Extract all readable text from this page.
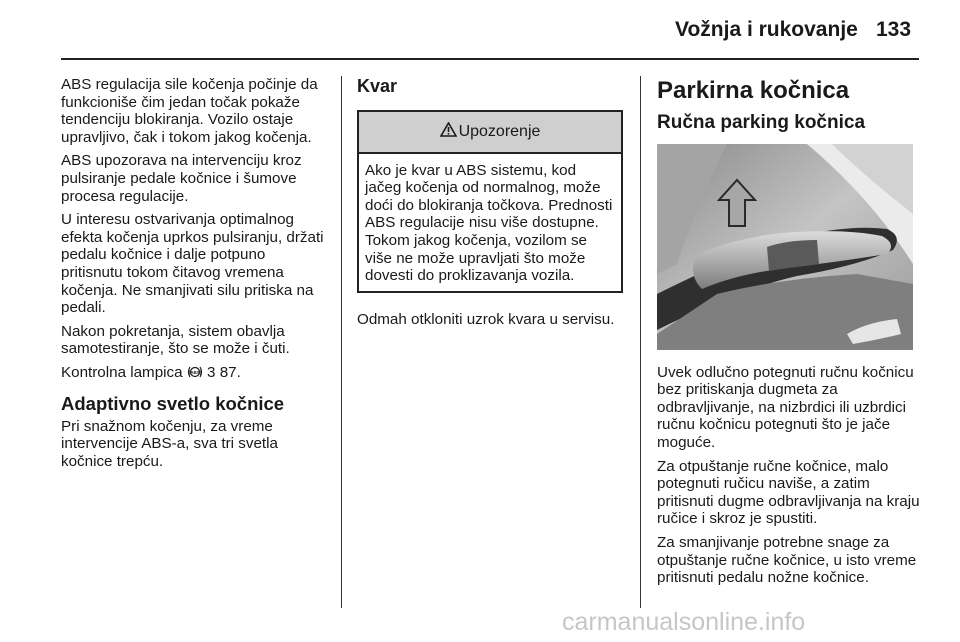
Vožnja i rukovanje 133

ABS regulacija sile kočenja počinje da funkcioniše čim jedan točak pokaže tendenciju blokiranja. Vozilo ostaje upravljivo, čak i tokom jakog kočenja.

ABS upozorava na intervenciju kroz pulsiranje pedale kočnice i šumove procesa regulacije.

U interesu ostvarivanja optimalnog efekta kočenja uprkos pulsiranju, držati pedalu kočnice i dalje potpuno pritisnutu tokom čitavog vremena kočenja. Ne smanjivati silu pritiska na pedali.

Nakon pokretanja, sistem obavlja samotestiranje, što se može i čuti.

Kontrolna lampica (ABS) 3 87.

Adaptivno svetlo kočnice

Pri snažnom kočenju, za vreme intervencije ABS-a, sva tri svetla kočnice trepću.

Kvar
Upozorenje
Ako je kvar u ABS sistemu, kod jačeg kočenja od normalnog, može doći do blokiranja točkova. Prednosti ABS regulacije nisu više dostupne. Tokom jakog kočenja, vozilom se više ne može upravljati što može dovesti do proklizavanja vozila.

Odmah otkloniti uzrok kvara u servisu.

Parkirna kočnica
Ručna parking kočnica

Uvek odlučno potegnuti ručnu kočnicu bez pritiskanja dugmeta za odbravljivanje, na nizbrdici ili uzbrdici ručnu kočnicu potegnuti što je jače moguće.

Za otpuštanje ručne kočnice, malo potegnuti ručicu naviše, a zatim pritisnuti dugme odbravljivanja na kraju ručice i skroz je spustiti.

Za smanjivanje potrebne snage za otpuštanje ručne kočnice, u isto vreme pritisnuti pedalu nožne kočnice.

carmanualsonline.info
